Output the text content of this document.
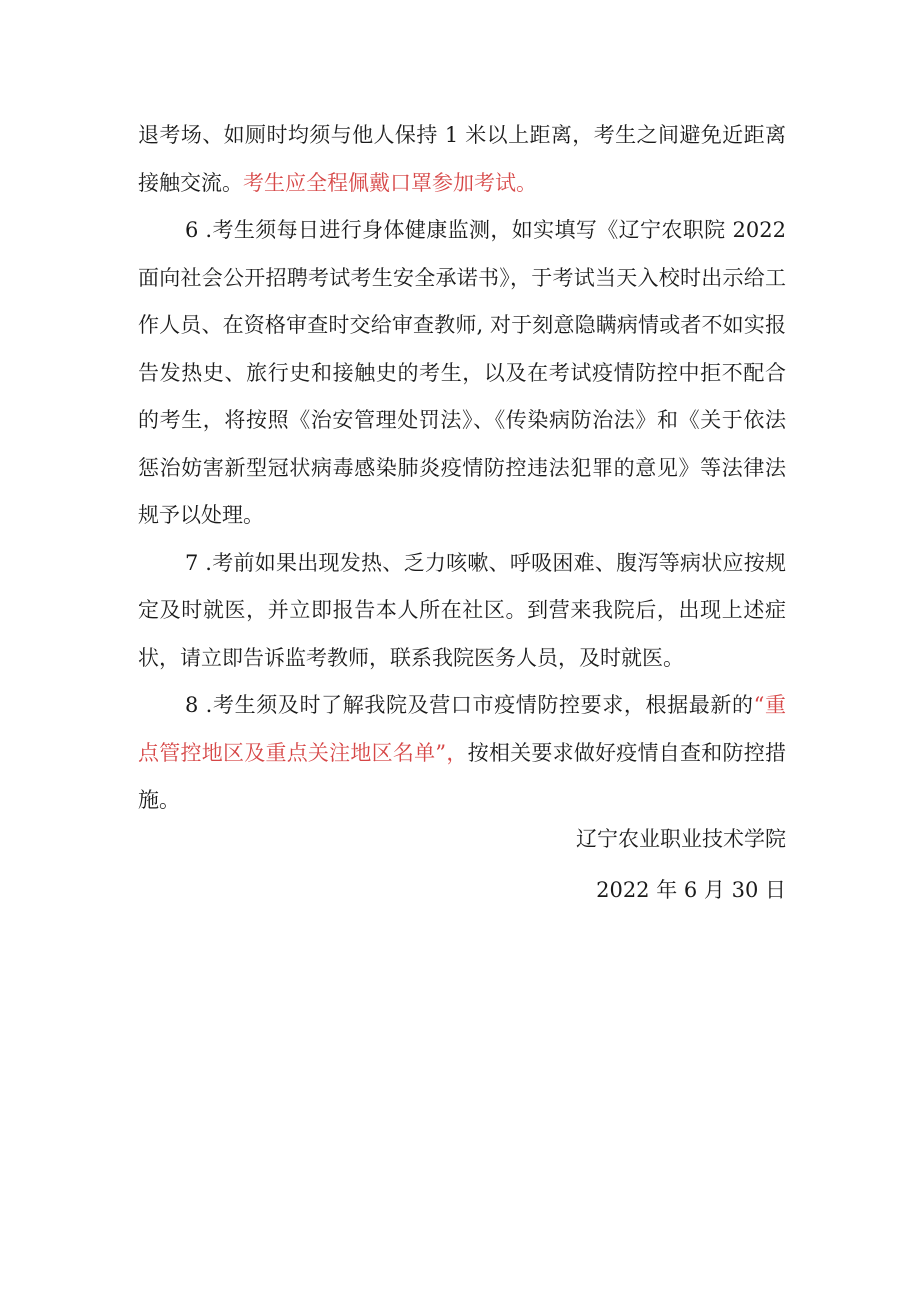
退考场、如厕时均须与他人保持 1 米以上距离，考生之间避免近距离接触交流。考生应全程佩戴口罩参加考试。

6 .考生须每日进行身体健康监测，如实填写《辽宁农职院 2022 面向社会公开招聘考试考生安全承诺书》，于考试当天入校时出示给工作人员、在资格审查时交给审查教师, 对于刻意隐瞒病情或者不如实报告发热史、旅行史和接触史的考生，以及在考试疫情防控中拒不配合的考生，将按照《治安管理处罚法》、《传染病防治法》和《关于依法惩治妨害新型冠状病毒感染肺炎疫情防控违法犯罪的意见》等法律法规予以处理。

7 .考前如果出现发热、乏力咳嗽、呼吸困难、腹泻等病状应按规定及时就医，并立即报告本人所在社区。到营来我院后，出现上述症状，请立即告诉监考教师，联系我院医务人员，及时就医。

8 .考生须及时了解我院及营口市疫情防控要求，根据最新的“重点管控地区及重点关注地区名单”，按相关要求做好疫情自查和防控措施。

辽宁农业职业技术学院

2022 年 6 月 30 日
